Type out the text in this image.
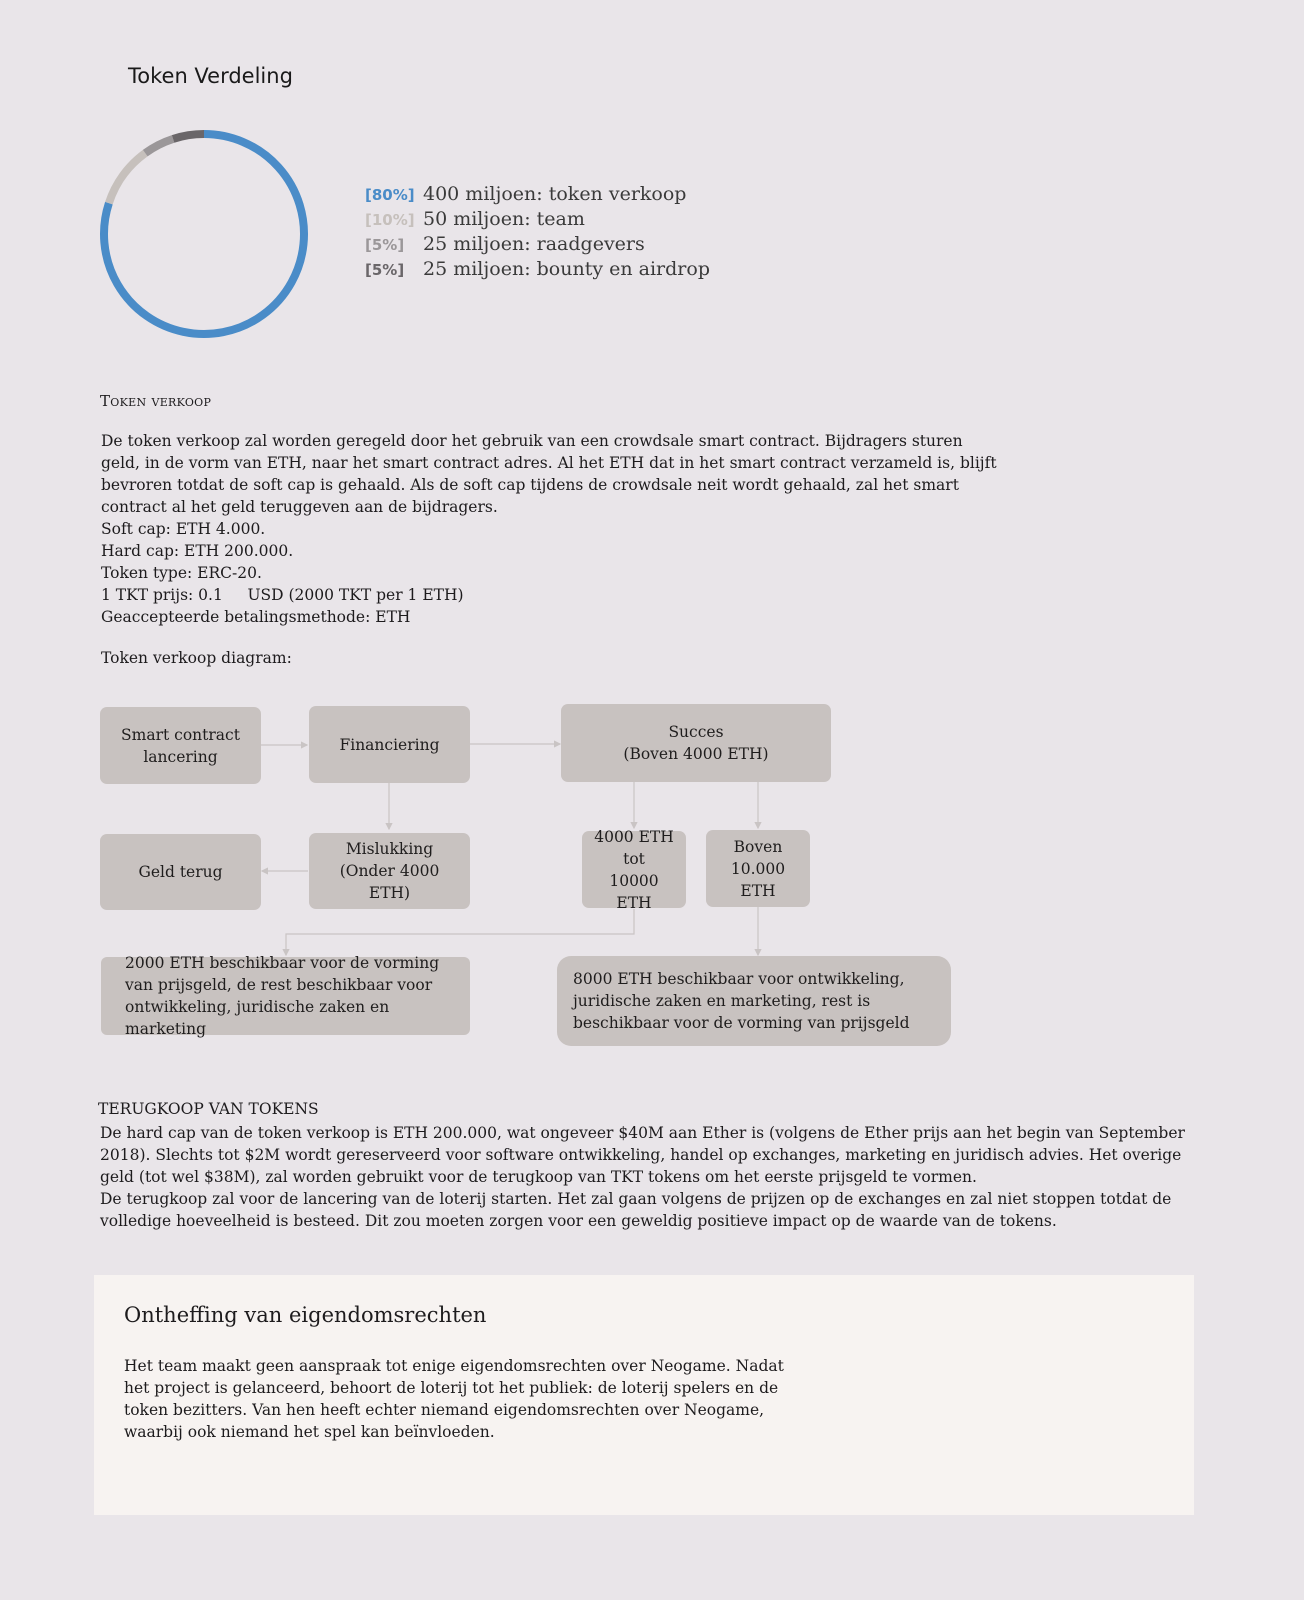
Token Verdeling
[80%] 400 miljoen: token verkoop
[10%] 50 miljoen: team
[5%] 25 miljoen: raadgevers
[5%] 25 miljoen: bounty en airdrop
Token verkoop

De token verkoop zal worden geregeld door het gebruik van een crowdsale smart contract. Bijdragers sturen geld, in de vorm van ETH, naar het smart contract adres. Al het ETH dat in het smart contract verzameld is, blijft bevroren totdat de soft cap is gehaald. Als de soft cap tijdens de crowdsale neit wordt gehaald, zal het smart contract al het geld teruggeven aan de bijdragers.

Soft cap: ETH 4.000.

Hard cap: ETH 200.000.

Token type: ERC-20.

1 TKT prijs: 0.1     USD (2000 TKT per 1 ETH)

Geaccepteerde betalingsmethode: ETH

Token verkoop diagram:
Smart contract
lancering
Financiering
Succes
(Boven 4000 ETH)
Geld terug
Mislukking
(Onder 4000 ETH)
4000 ETH
tot
10000 ETH
Boven
10.000
ETH
2000 ETH beschikbaar voor de vorming van prijsgeld, de rest beschikbaar voor ontwikkeling, juridische zaken en marketing
8000 ETH beschikbaar voor ontwikkeling, juridische zaken en marketing, rest is beschikbaar voor de vorming van prijsgeld
TERUGKOOP VAN TOKENS

De hard cap van de token verkoop is ETH 200.000, wat ongeveer $40M aan Ether is (volgens de Ether prijs aan het begin van September 2018). Slechts tot $2M wordt gereserveerd voor software ontwikkeling, handel op exchanges, marketing en juridisch advies. Het overige geld (tot wel $38M), zal worden gebruikt voor de terugkoop van TKT tokens om het eerste prijsgeld te vormen.

De terugkoop zal voor de lancering van de loterij starten. Het zal gaan volgens de prijzen op de exchanges en zal niet stoppen totdat de volledige hoeveelheid is besteed. Dit zou moeten zorgen voor een geweldig positieve impact op de waarde van de tokens.

Ontheffing van eigendomsrechten
Het team maakt geen aanspraak tot enige eigendomsrechten over Neogame. Nadat het project is gelanceerd, behoort de loterij tot het publiek: de loterij spelers en de token bezitters. Van hen heeft echter niemand eigendomsrechten over Neogame, waarbij ook niemand het spel kan beïnvloeden.
